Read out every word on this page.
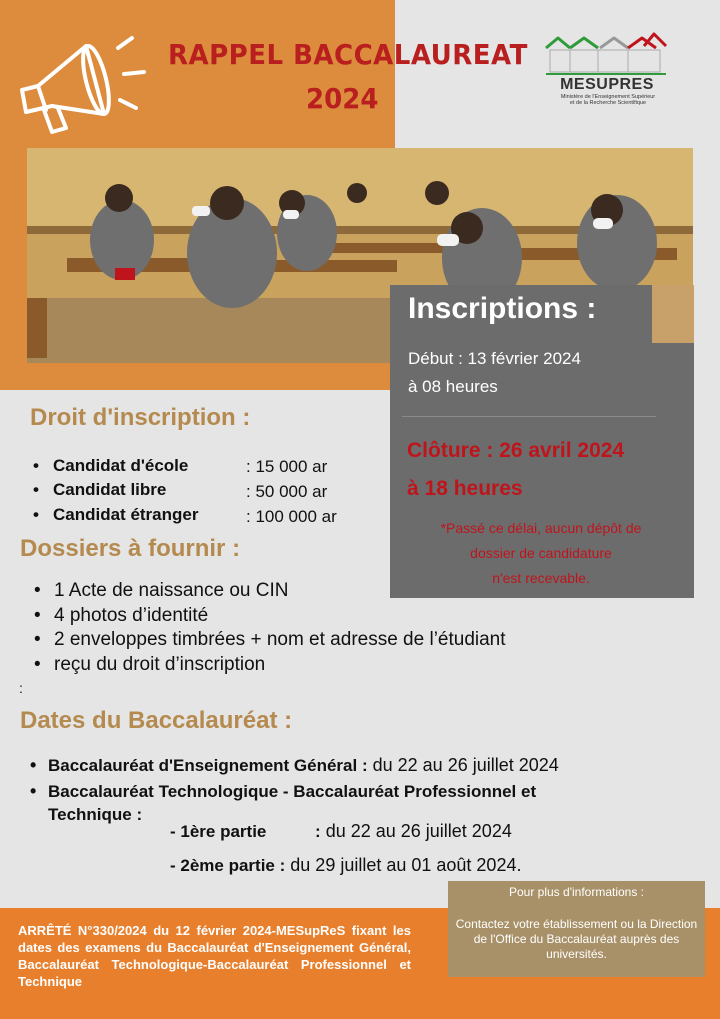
RAPPEL BACCALAUREAT
2024	MESUPRES
Ministère de l'Enseignement Supérieur
et de la Recherche Scientifique
Inscriptions :
Début : 13 février 2024
à 08 heures
Clôture : 26 avril 2024
à 18 heures
*Passé ce délai, aucun dépôt de
dossier de candidature
n'est recevable.
Droit d'inscription :
• Candidat d'école	: 15 000 ar
• Candidat libre	: 50 000 ar
• Candidat étranger	: 100 000 ar
Dossiers à fournir :
• 1 Acte de naissance ou CIN
• 4 photos d’identité
• 2 enveloppes timbrées + nom et adresse de l’étudiant
• reçu du droit d’inscription
:
Dates du Baccalauréat :
• Baccalauréat d'Enseignement Général : du 22 au 26 juillet 2024
• Baccalauréat Technologique - Baccalauréat Professionnel et
Technique :
- 1ère partie	: du 22 au 26 juillet 2024
- 2ème partie : du 29 juillet au 01 août 2024.
Pour plus d'informations :
Contactez votre établissement ou la Direction de l'Office du Baccalauréat auprès des universités.
ARRÊTÉ N°330/2024 du 12 février 2024-MESupReS fixant les dates des examens du Baccalauréat d'Enseignement Général, Baccalauréat Technologique-Baccalauréat Professionnel et Technique
